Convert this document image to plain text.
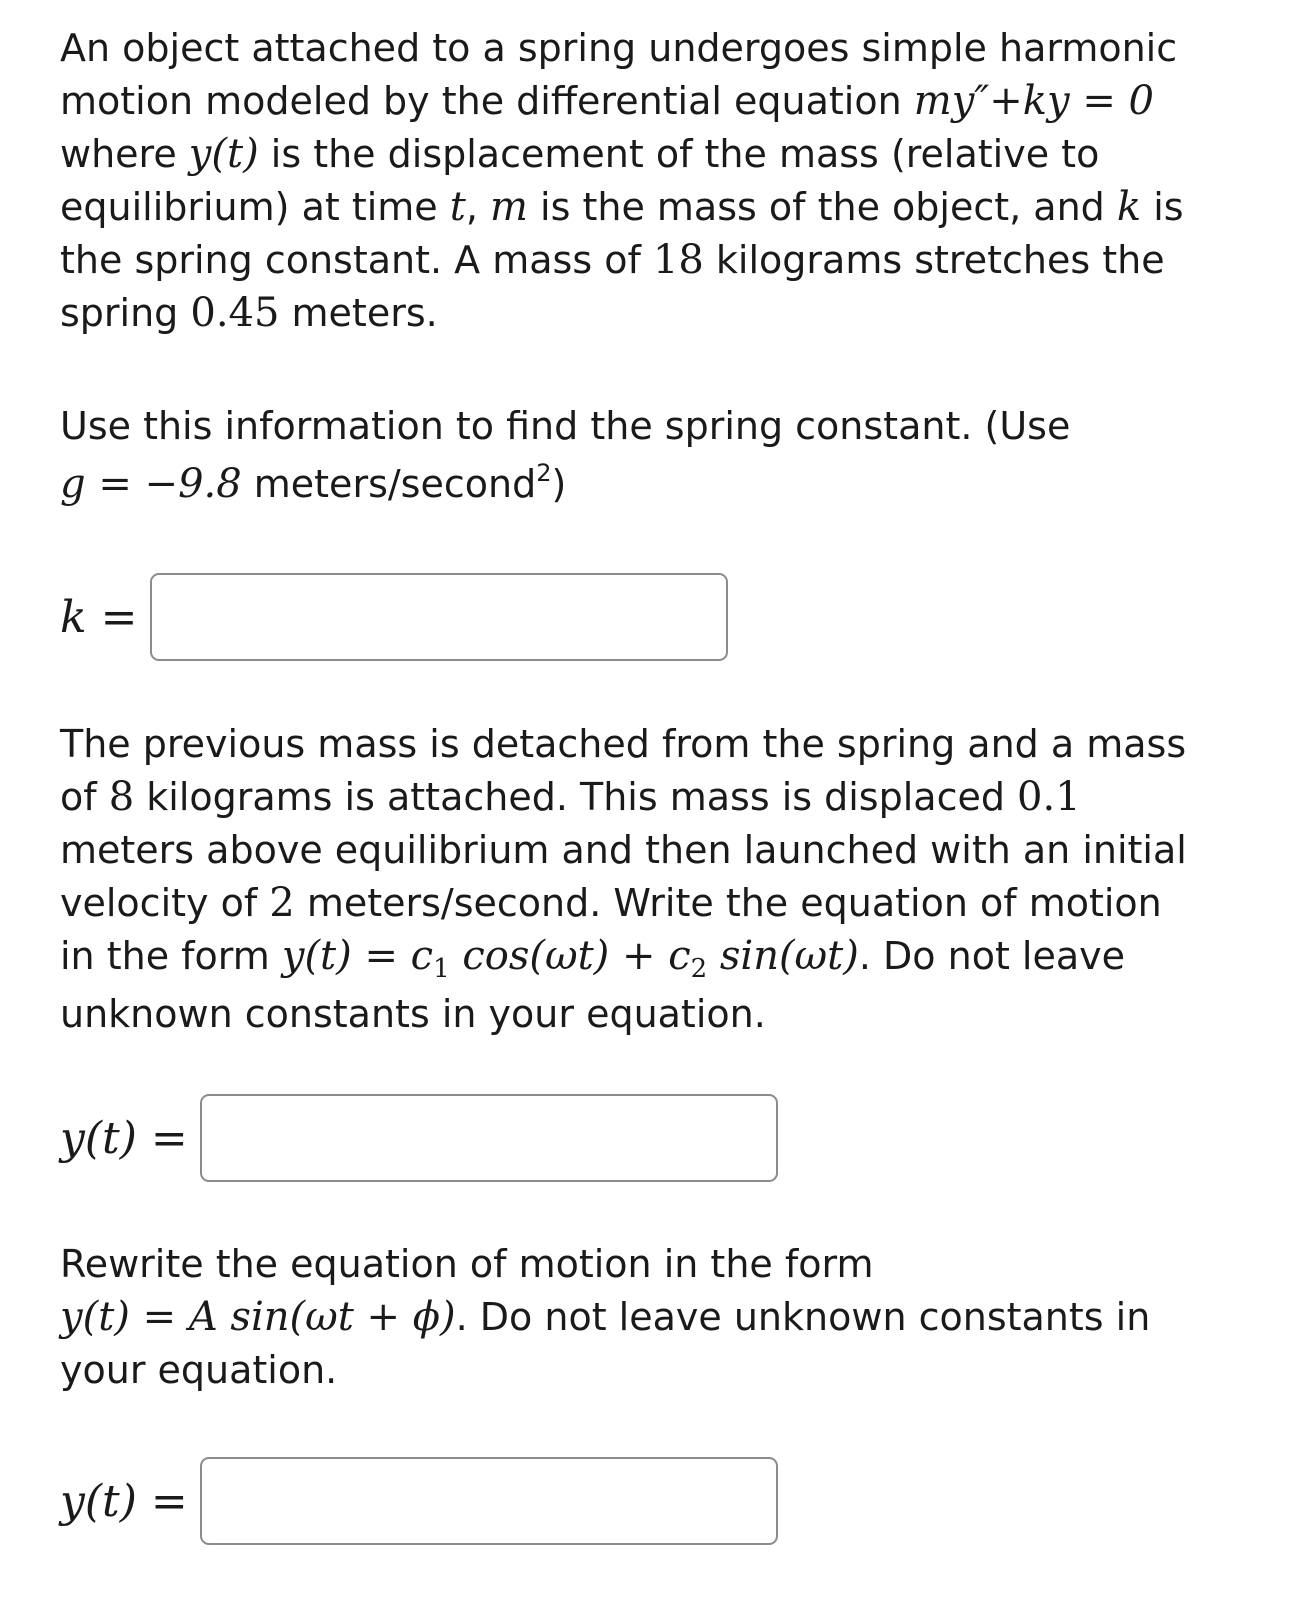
An object attached to a spring undergoes simple harmonic
motion modeled by the differential equation my″+ky = 0
where y(t) is the displacement of the mass (relative to
equilibrium) at time t, m is the mass of the object, and k is
the spring constant. A mass of 18 kilograms stretches the
spring 0.45 meters.
Use this information to find the spring constant. (Use
g = −9.8 meters/second$^2$)
k =
The previous mass is detached from the spring and a mass
of 8 kilograms is attached. This mass is displaced 0.1
meters above equilibrium and then launched with an initial
velocity of 2 meters/second. Write the equation of motion
in the form $y(t) = c_1$ $\cos(\omega t) + c_2$ sin(ωt). Do not leave
unknown constants in your equation.
y(t) =
Rewrite the equation of motion in the form
y(t) = A sin(ωt + ϕ). Do not leave unknown constants in
your equation.
y(t) =
